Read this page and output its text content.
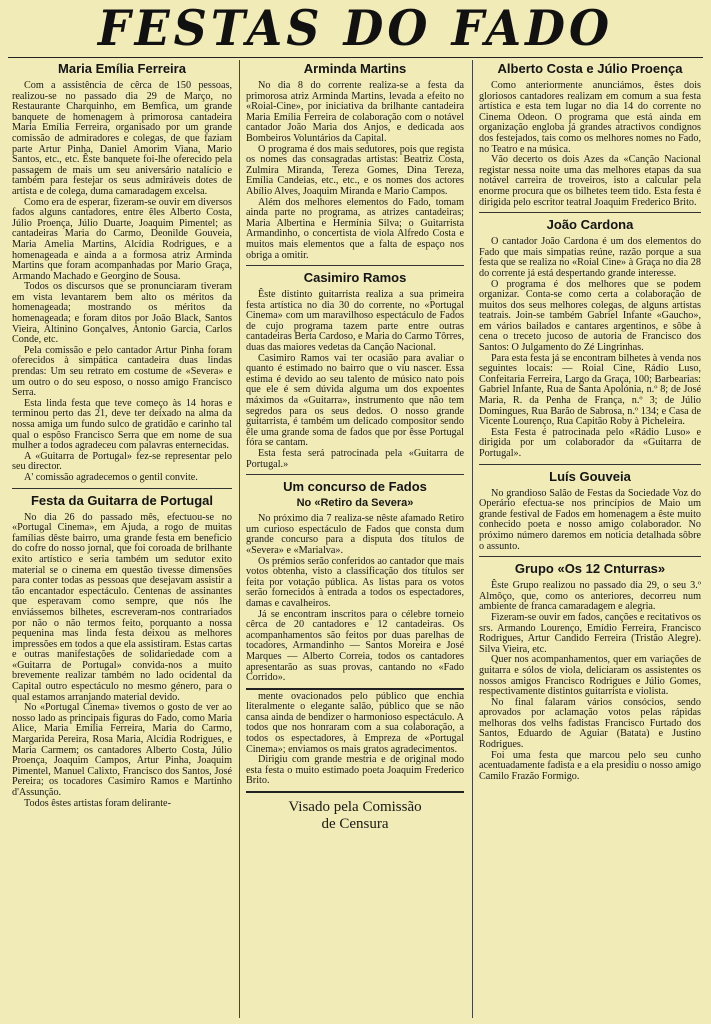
FESTAS DO FADO
Maria Emília Ferreira

Com a assistência de cêrca de 150 pessoas, realizou-se no passado dia 29 de Março, no Restaurante Charquinho, em Bemfica, um grande banquete de homenagem à primorosa cantadeira Maria Emília Ferreira, organisado por um grande comissão de admiradores e colegas, de que faziam parte Artur Pinha, Daniel Amorim Viana, Mario Santos, etc., etc. Êste banquete foi-lhe oferecido pela passagem de mais um seu aniversário natalício e também para festejar os seus admiráveis dotes de artista e de colega, duma camaradagem excelsa.

Como era de esperar, fizeram-se ouvir em diversos fados alguns cantadores, entre êles Alberto Costa, Júlio Proença, Júlio Duarte, Joaquim Pimentel; as cantadeiras Maria do Carmo, Deonilde Gouveia, Maria Amelia Martins, Alcídia Rodrigues, e a homenageada e ainda a a formosa atriz Arminda Martins que foram acompanhadas por Mario Graça, Armando Machado e Georgino de Sousa.

Todos os discursos que se pronunciaram tiveram em vista levantarem bem alto os méritos da homenageada; mostrando os méritos da homenageada; e foram ditos por João Black, Santos Vieira, Altinino Gonçalves, Antonio Garcia, Carlos Conde, etc.

Pela comissão e pelo cantador Artur Pinha foram oferecidos à simpática cantadeira duas lindas prendas: Um seu retrato em costume de «Severa» e um outro o do seu esposo, o nosso amigo Francisco Serra.

Esta linda festa que teve começo às 14 horas e terminou perto das 21, deve ter deixado na alma da nossa amiga um fundo sulco de gratidão e carinho tal qual o espôso Francisco Serra que em nome de sua mulher a todos agradeceu com palavras enternecidas.

A «Guitarra de Portugal» fez-se representar pelo seu director.

A' comissão agradecemos o gentil convite.

Festa da Guitarra de Portugal

No dia 26 do passado mês, efectuou-se no «Portugal Cinema», em Ajuda, a rogo de muitas famílias dêste bairro, uma grande festa em beneficio do cofre do nosso jornal, que foi coroada de brilhante exito artístico e seria também um sedutor exito material se o cinema em questão tivesse dimensões para conter todas as pessoas que desejavam assistir a tão encantador espectáculo. Centenas de assinantes que esperavam como sempre, que nós lhe enviássemos bilhetes, escreveram-nos contrariados por não o não termos feito, porquanto a nossa pequenina mas linda festa deixou as melhores impressões em todos a que ela assistiram. Estas cartas e outras manifestações de solidariedade com a «Guitarra de Portugal» convida-nos a muito brevemente realizar também no lado ocidental da Capital outro espectáculo no mesmo género, para o qual estamos arranjando material devido.

No «Portugal Cinema» tivemos o gosto de ver ao nosso lado as principais figuras do Fado, como Maria Alice, Maria Emília Ferreira, Maria do Carmo, Margarida Pereira, Rosa Maria, Alcídia Rodrigues, e Maria Carmem; os cantadores Alberto Costa, Júlio Proença, Joaquim Campos, Artur Pinha, Joaquim Pimentel, Manuel Calixto, Francisco dos Santos, José Pereira; os tocadores Casimiro Ramos e Martinho d'Assunção.

Todos êstes artistas foram delirante-

Arminda Martins

No dia 8 do corrente realiza-se a festa da primorosa atriz Arminda Martins, levada a efeito no «Roial-Cine», por iniciativa da brilhante cantadeira Maria Emília Ferreira de colaboração com o notável cantador João Maria dos Anjos, e dedicada aos Bombeiros Voluntários da Capital.

O programa é dos mais sedutores, pois que regista os nomes das consagradas artistas: Beatriz Costa, Zulmira Miranda, Tereza Gomes, Dina Tereza, Emília Candeias, etc., etc., e os nomes dos actores Abílio Alves, Joaquim Miranda e Mario Campos.

Além dos melhores elementos do Fado, tomam ainda parte no programa, as atrizes cantadeiras; Maria Albertina e Hermínia Silva; o Guitarrista Armandinho, o concertista de viola Alfredo Costa e muitos mais elementos que a falta de espaço nos obriga a omitir.

Casimiro Ramos

Êste distinto guitarrista realiza a sua primeira festa artística no dia 30 do corrente, no «Portugal Cinema» com um maravilhoso espectáculo de Fados de cujo programa tazem parte entre outras cantadeiras Berta Cardoso, e Maria do Carmo Tôrres, duas das maiores vedetas da Canção Nacional.

Casimiro Ramos vai ter ocasião para avaliar o quanto é estimado no bairro que o viu nascer. Essa estima é devido ao seu talento de músico nato pois que ele é sem dúvida alguma um dos expoentes máximos da «Guitarra», instrumento que não tem segredos para os seus dedos. O nosso grande guitarrista, é também um delicado compositor sendo êle uma grande soma de fados que por êsse Portugal fóra se cantam.

Esta festa será patrocinada pela «Guitarra de Portugal.»

Um concurso de Fados
No «Retiro da Severa»

No próximo dia 7 realiza-se nêste afamado Retiro um curioso espectáculo de Fados que consta dum grande concurso para a disputa dos títulos de «Severa» e «Marialva».

Os prémios serão conferidos ao cantador que mais votos obtenha, visto a classificação dos títulos ser feita por votação pública. As listas para os votos serão fornecidos à entrada a todos os espectadores, damas e cavalheiros.

Já se encontram inscritos para o célebre torneio cêrca de 20 cantadores e 12 cantadeiras. Os acompanhamentos são feitos por duas parelhas de tocadores, Armandinho — Santos Moreira e José Marques — Alberto Correia, todos os cantadores apresentarão as suas provas, cantando no «Fado Corrido».

mente ovacionados pelo público que enchia literalmente o elegante salão, público que se não cansa ainda de bendizer o harmonioso espectáculo. A todos que nos honraram com a sua colaboração, a todos os espectadores, à Empreza de «Portugal Cinema»; enviamos os mais gratos agradecimentos.

Dirigiu com grande mestria e de original modo esta festa o muito estimado poeta Joaquim Frederico Brito.

Visado pela Comissão
de Censura
Alberto Costa e Júlio Proença

Como anteriormente anunciámos, êstes dois gloriosos cantadores realizam em comum a sua festa artística e esta tem lugar no dia 14 do corrente no Cinema Odeon. O programa que está ainda em organização engloba já grandes atractivos condignos dos festejados, tais como os melhores nomes no Fado, no Teatro e na música.

Vão decerto os dois Azes da «Canção Nacional registar nessa noite uma das melhores etapas da sua notável carreira de troveiros, isto a calcular pela enorme procura que os bilhetes teem tido. Esta festa é dirigida pelo escritor teatral Joaquim Frederico Brito.

João Cardona

O cantador João Cardona é um dos elementos do Fado que mais simpatias reúne, razão porque a sua festa que se realiza no «Roial Cine» à Graça no dia 28 do corrente já está despertando grande interesse.

O programa é dos melhores que se podem organizar. Conta-se como certa a colaboração de muitos dos seus melhores colegas, de alguns artistas teatrais. Join-se também Gabriel Infante «Gaucho», em vários bailados e cantares argentinos, e sôbe à cena o treceto jucoso de autoria de Francisco dos Santos: O Julgamento do Zé Lingrinhas.

Para esta festa já se encontram bilhetes à venda nos seguintes locais: — Roial Cine, Rádio Luso, Confeitaria Ferreira, Largo da Graça, 100; Barbearias: Gabriel Infante, Rua de Santa Apolónia, n.º 8; de José Maria, R. da Penha de França, n.º 3; de Júlio Domingues, Rua Barão de Sabrosa, n.º 134; e Casa de Vicente Lourenço, Rua Capitão Roby à Picheleira.

Esta Festa é patrocinada pelo «Rádio Luso» e dirigida por um colaborador da «Guitarra de Portugal».

Luís Gouveia

No grandioso Salão de Festas da Sociedade Voz do Operário efectua-se nos princípios de Maio um grande festival de Fados em homenagem a êste muito conhecido poeta e nosso amigo colaborador. No próximo número daremos em noticia detalhada sôbre o assunto.

Grupo «Os 12 Cnturras»

Êste Grupo realizou no passado dia 29, o seu 3.º Almôço, que, como os anteriores, decorreu num ambiente de franca camaradagem e alegria.

Fizeram-se ouvir em fados, canções e recitativos os srs. Armando Lourenço, Emídio Ferreira, Francisco Rodrigues, Artur Candido Ferreira (Tristão Alegre). Silva Vieira, etc.

Quer nos acompanhamentos, quer em variações de guitarra e sólos de viola, deliciaram os assistentes os nossos amigos Francisco Rodrigues e Júlio Gomes, respectivamente distintos guitarrista e violista.

No final falaram vários consócios, sendo aprovados por aclamação votos pelas rápidas melhoras dos velhs fadistas Francisco Furtado dos Santos, Eduardo de Aguiar (Batata) e Justino Rodrigues.

Foi uma festa que marcou pelo seu cunho acentuadamente fadista e a ela presidiu o nosso amigo Camilo Frazão Formigo.
